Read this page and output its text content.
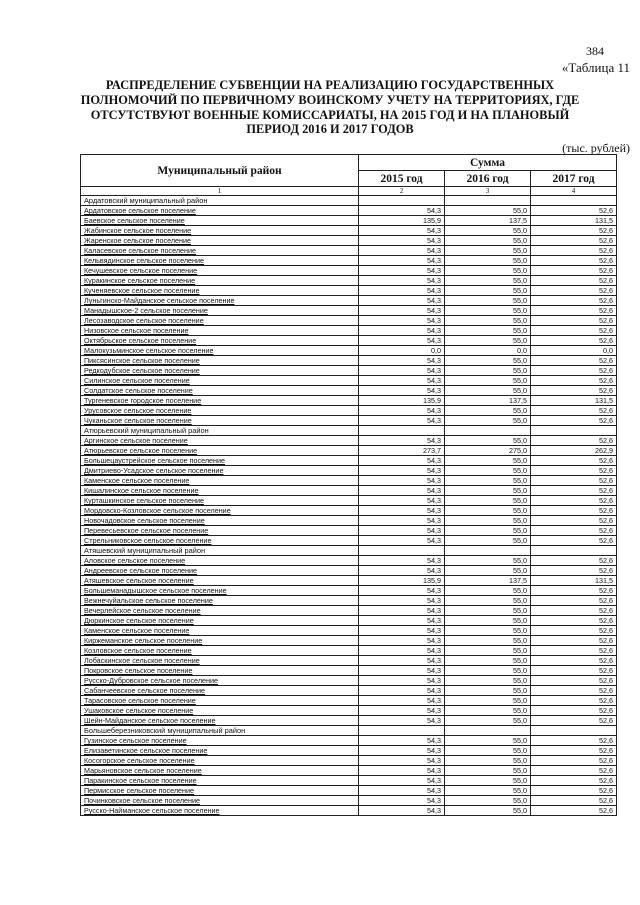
384
«Таблица 11
РАСПРЕДЕЛЕНИЕ СУБВЕНЦИИ НА РЕАЛИЗАЦИЮ ГОСУДАРСТВЕННЫХ
ПОЛНОМОЧИЙ ПО ПЕРВИЧНОМУ ВОИНСКОМУ УЧЕТУ НА ТЕРРИТОРИЯХ, ГДЕ
ОТСУТСТВУЮТ ВОЕННЫЕ КОМИССАРИАТЫ, НА 2015 ГОД И НА ПЛАНОВЫЙ
ПЕРИОД 2016 И 2017 ГОДОВ
(тыс. рублей)
Муниципальный район	Сумма		
	2015 год	2016 год	2017 год
1	2	3	4
Ардатовский муниципальный район			
Ардатовское сельское поселение	54,3	55,0	52,6
Баевское сельское поселение	135,9	137,5	131,5
Жабинское сельское поселение	54,3	55,0	52,6
Жаренское сельское поселение	54,3	55,0	52,6
Каласевское сельское поселение	54,3	55,0	52,6
Кельвядинское сельское поселение	54,3	55,0	52,6
Кечушевское сельское поселение	54,3	55,0	52,6
Куракинское сельское поселение	54,3	55,0	52,6
Кученяевское сельское поселение	54,3	55,0	52,6
Луньгинско-Майданское сельское поселение	54,3	55,0	52,6
Манадышское-2 сельское поселение	54,3	55,0	52,6
Лесозаводское сельское поселение	54,3	55,0	52,6
Низовское сельское поселение	54,3	55,0	52,6
Октябрьское сельское поселение	54,3	55,0	52,6
Малокузьминское сельское поселение	0,0	0,0	0,0
Пиксясинское сельское поселение	54,3	55,0	52,6
Редкодубское сельское поселение	54,3	55,0	52,6
Силинское сельское поселение	54,3	55,0	52,6
Солдатское сельское поселение	54,3	55,0	52,6
Тургеневское городское поселение	135,9	137,5	131,5
Урусовское сельское поселение	54,3	55,0	52,6
Чуканьское сельское поселение	54,3	55,0	52,6
Атюрьевский муниципальный район			
Аргинское сельское поселение	54,3	55,0	52,6
Атюрьевское сельское поселение	273,7	275,0	262,9
Большецаустрейское сельское поселение	54,3	55,0	52,6
Дмитриево-Усадское сельское поселение	54,3	55,0	52,6
Каменское сельское поселение	54,3	55,0	52,6
Кишалинское сельское поселение	54,3	55,0	52,6
Курташкинское сельское поселение	54,3	55,0	52,6
Мордовско-Козловское сельское поселение	54,3	55,0	52,6
Новочадовское сельское поселение	54,3	55,0	52,6
Перевесьевское сельское поселение	54,3	55,0	52,6
Стрельниковское сельское поселение	54,3	55,0	52,6
Атяшевский муниципальный район			
Аловское сельское поселение	54,3	55,0	52,6
Андреевское сельское поселение	54,3	55,0	52,6
Атяшевское сельское поселение	135,9	137,5	131,5
Большеманадышское сельское поселение	54,3	55,0	52,6
Вежнечуйальское сельское поселение	54,3	55,0	52,6
Вечерлейское сельское поселение	54,3	55,0	52,6
Дюркинское сельское поселение	54,3	55,0	52,6
Каменское сельское поселение	54,3	55,0	52,6
Киржеманское сельское поселение	54,3	55,0	52,6
Козловское сельское поселение	54,3	55,0	52,6
Лобаскинское сельское поселение	54,3	55,0	52,6
Покровское сельское поселение	54,3	55,0	52,6
Русско-Дубровское сельское поселение	54,3	55,0	52,6
Сабанчеевское сельское поселение	54,3	55,0	52,6
Тарасовское сельское поселение	54,3	55,0	52,6
Ушаковское сельское поселение	54,3	55,0	52,6
Шейн-Майданское сельское поселение	54,3	55,0	52,6
Большеберезниковский муниципальный район			
Гузинское сельское поселение	54,3	55,0	52,6
Елизаветинское сельское поселение	54,3	55,0	52,6
Косогорское сельское поселение	54,3	55,0	52,6
Марьяновское сельское поселение	54,3	55,0	52,6
Паракинское сельское поселение	54,3	55,0	52,6
Пермисское сельское поселение	54,3	55,0	52,6
Починковское сельское поселение	54,3	55,0	52,6
Русско-Найманское сельское поселение	54,3	55,0	52,6
